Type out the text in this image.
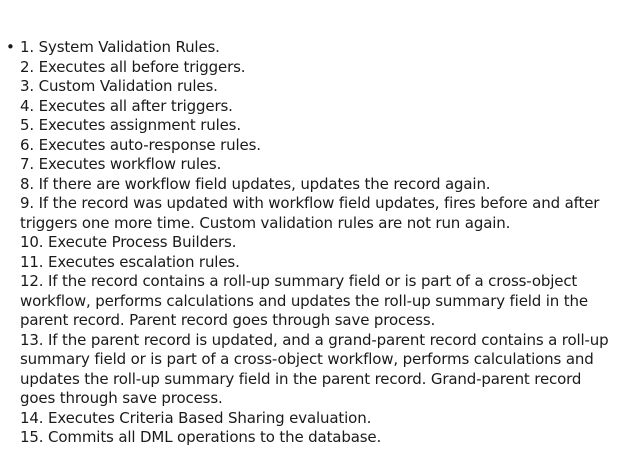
• 1. System Validation Rules.
2. Executes all before triggers.
3. Custom Validation rules.
4. Executes all after triggers.
5. Executes assignment rules.
6. Executes auto-response rules.
7. Executes workflow rules.
8. If there are workflow field updates, updates the record again.
9. If the record was updated with workflow field updates, fires before and after triggers one more time. Custom validation rules are not run again.
10. Execute Process Builders.
11. Executes escalation rules.
12. If the record contains a roll-up summary field or is part of a cross-object workflow, performs calculations and updates the roll-up summary field in the parent record. Parent record goes through save process.
13. If the parent record is updated, and a grand-parent record contains a roll-up summary field or is part of a cross-object workflow, performs calculations and updates the roll-up summary field in the parent record. Grand-parent record goes through save process.
14. Executes Criteria Based Sharing evaluation.
15. Commits all DML operations to the database.
